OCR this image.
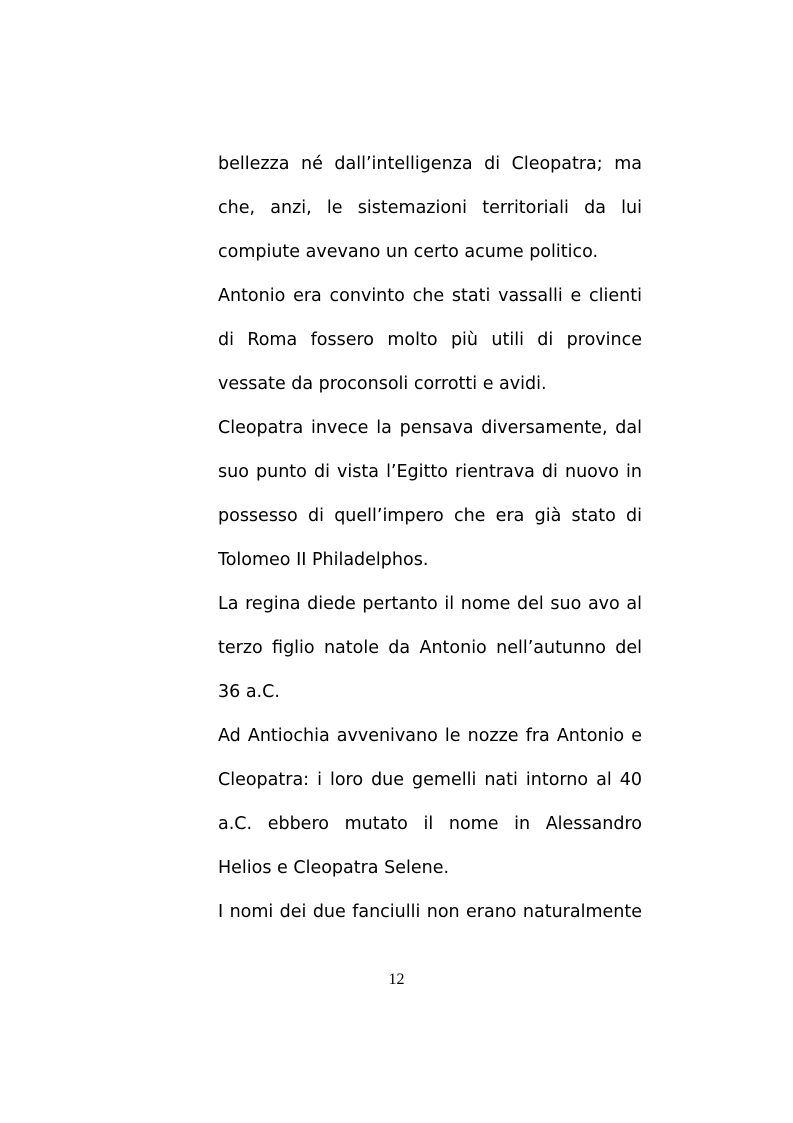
bellezza né dall’intelligenza di Cleopatra; ma
che, anzi, le sistemazioni territoriali da lui
compiute avevano un certo acume politico.
Antonio era convinto che stati vassalli e clienti
di Roma fossero molto più utili di province
vessate da proconsoli corrotti e avidi.
Cleopatra invece la pensava diversamente, dal
suo punto di vista l’Egitto rientrava di nuovo in
possesso di quell’impero che era già stato di
Tolomeo II Philadelphos.
La regina diede pertanto il nome del suo avo al
terzo figlio natole da Antonio nell’autunno del
36 a.C.
Ad Antiochia avvenivano le nozze fra Antonio e
Cleopatra: i loro due gemelli nati intorno al 40
a.C. ebbero mutato il nome in Alessandro
Helios e Cleopatra Selene.
I nomi dei due fanciulli non erano naturalmente
12
